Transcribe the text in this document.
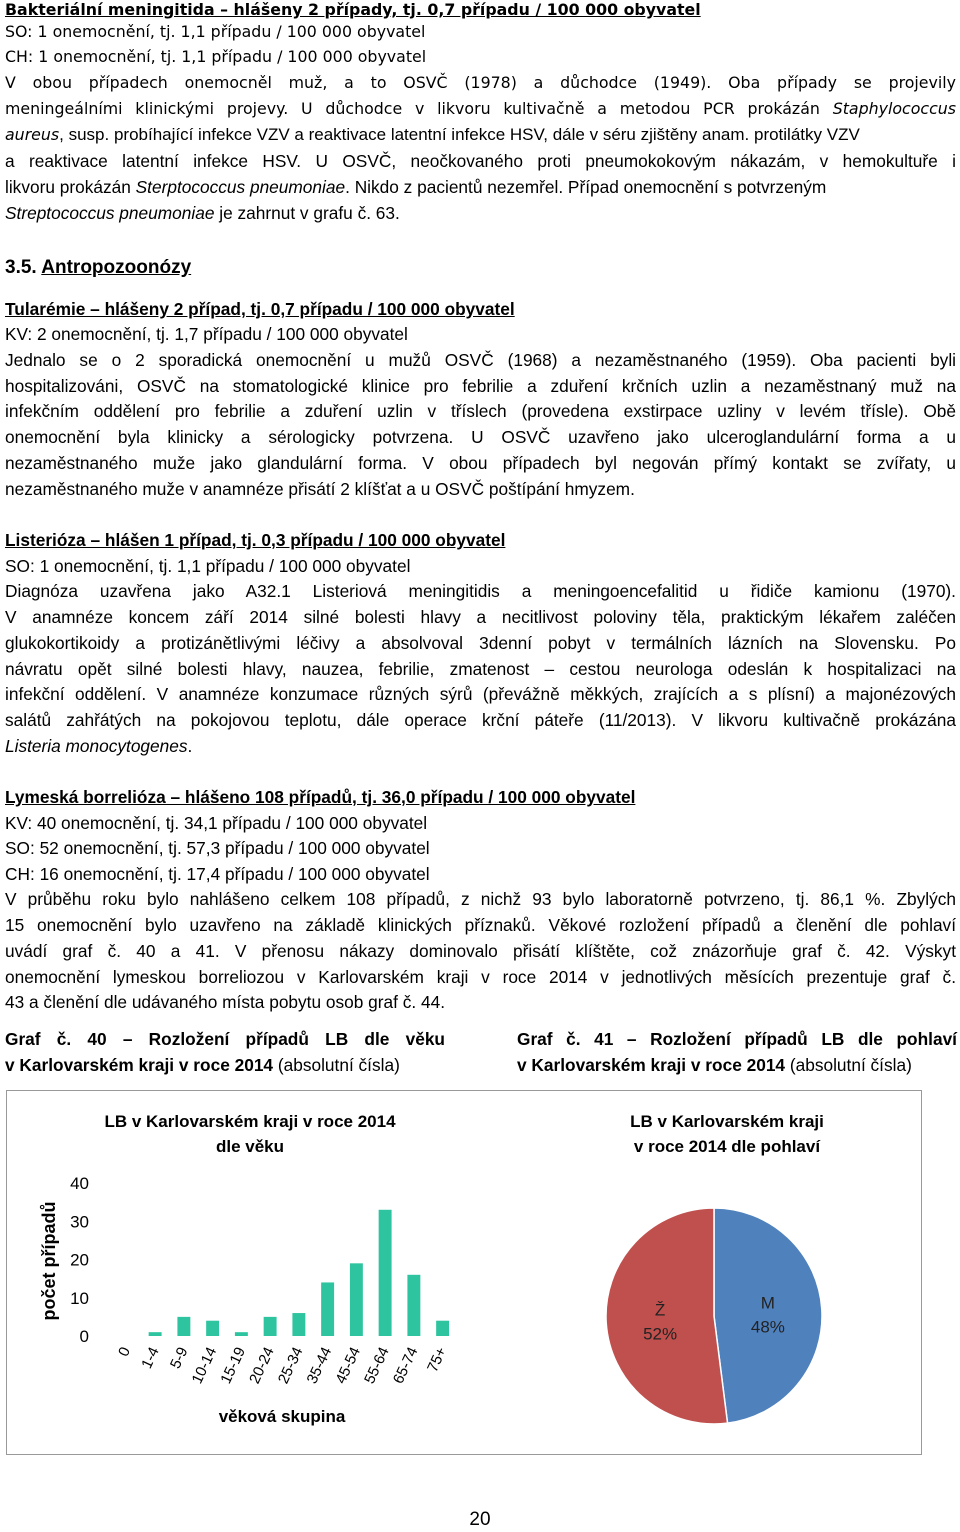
Bakteriální meningitida – hlášeny 2 případy, tj. 0,7 případu / 100 000 obyvatel
SO: 1 onemocnění, tj. 1,1 případu / 100 000 obyvatel
CH: 1 onemocnění, tj. 1,1 případu / 100 000 obyvatel
V obou případech onemocněl muž, a to OSVČ (1978) a důchodce (1949). Oba případy se projevily
meningeálními klinickými projevy. U důchodce v likvoru kultivačně a metodou PCR prokázán Staphylococcus
aureus, susp. probíhající infekce VZV a reaktivace latentní infekce HSV, dále v séru zjištěny anam. protilátky VZV
a reaktivace latentní infekce HSV. U OSVČ, neočkovaného proti pneumokokovým nákazám, v hemokultuře i
likvoru prokázán Sterptococcus pneumoniae. Nikdo z pacientů nezemřel. Případ onemocnění s potvrzeným
Streptococcus pneumoniae je zahrnut v grafu č. 63.
3.5. Antropozoonózy
Tularémie – hlášeny 2 případ, tj. 0,7 případu / 100 000 obyvatel
KV: 2 onemocnění, tj. 1,7 případu / 100 000 obyvatel
Jednalo se o 2 sporadická onemocnění u mužů OSVČ (1968) a nezaměstnaného (1959). Oba pacienti byli
hospitalizováni, OSVČ na stomatologické klinice pro febrilie a zduření krčních uzlin a nezaměstnaný muž na
infekčním oddělení pro febrilie a zduření uzlin v tříslech (provedena exstirpace uzliny v levém tříslе). Obě
onemocnění byla klinicky a sérologicky potvrzena. U OSVČ uzavřeno jako ulceroglandulární forma a u
nezaměstnaného muže jako glandulární forma. V obou případech byl negován přímý kontakt se zvířaty, u
nezaměstnaného muže v anamnéze přisátí 2 klíšťat a u OSVČ poštípání hmyzem.
Listerióza – hlášen 1 případ, tj. 0,3 případu / 100 000 obyvatel
SO: 1 onemocnění, tj. 1,1 případu / 100 000 obyvatel
Diagnóza uzavřena jako A32.1 Listeriová meningitidis a meningoencefalitid u řidiče kamionu (1970).
V anamnéze koncem září 2014 silné bolesti hlavy a necitlivost poloviny těla, praktickým lékařem zaléčen
glukokortikoidy a protizánětlivými léčivy a absolvoval 3denní pobyt v termálních lázních na Slovensku. Po
návratu opět silné bolesti hlavy, nauzea, febrilie, zmatenost – cestou neurologa odeslán k hospitalizaci na
infekční oddělení. V anamnéze konzumace různých sýrů (převážně měkkých, zrajících a s plísní) a majonézových
salátů zahřátých na pokojovou teplotu, dále operace krční páteře (11/2013). V likvoru kultivačně prokázána
Listeria monocytogenes.
Lymeská borrelióza – hlášeno 108 případů, tj. 36,0 případu / 100 000 obyvatel
KV: 40 onemocnění, tj. 34,1 případu / 100 000 obyvatel
SO: 52 onemocnění, tj. 57,3 případu / 100 000 obyvatel
CH: 16 onemocnění, tj. 17,4 případu / 100 000 obyvatel
V průběhu roku bylo nahlášeno celkem 108 případů, z nichž 93 bylo laboratorně potvrzeno, tj. 86,1 %. Zbylých
15 onemocnění bylo uzavřeno na základě klinických příznaků. Věkové rozložení případů a členění dle pohlaví
uvádí graf č. 40 a 41. V přenosu nákazy dominovalo přisátí klíštěte, což znázorňuje graf č. 42. Výskyt
onemocnění lymeskou borreliozou v Karlovarském kraji v roce 2014 v jednotlivých měsících prezentuje graf č.
43 a členění dle udávaného místa pobytu osob graf č. 44.
Graf č. 40 – Rozložení případů LB dle věku
v Karlovarském kraji v roce 2014 (absolutní čísla)
Graf č. 41 – Rozložení případů LB dle pohlaví
v Karlovarském kraji v roce 2014 (absolutní čísla)
LB v Karlovarském kraji v roce 2014
dle věku
počet případů
věková skupina
0
10
20
30
40
0 1-4 5-9
10-14
15-19
20-24
25-34
35-44
45-54
55-64
65-74 75+
LB v Karlovarském kraji
v roce 2014 dle pohlaví
M
48%
Ž
52%
20
